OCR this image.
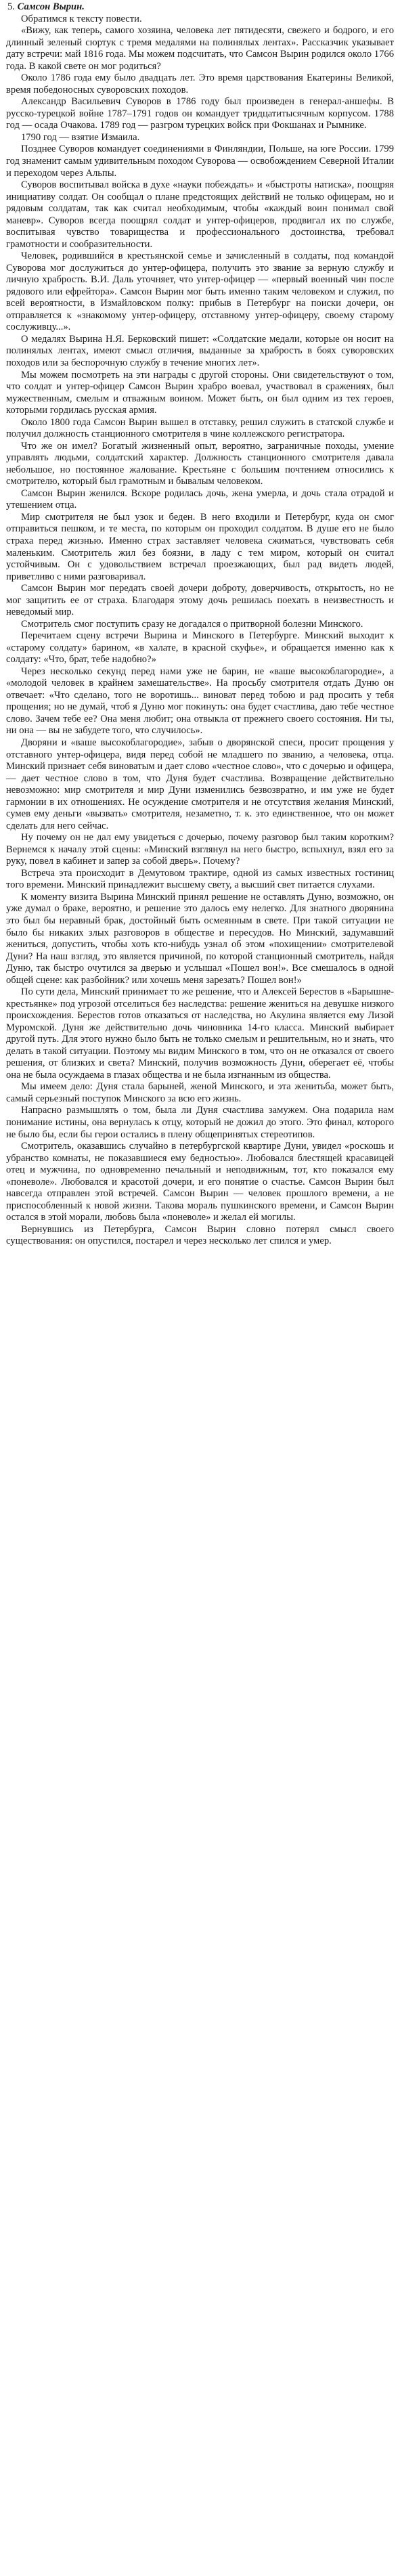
5. Самсон Вырин.

Обратимся к тексту повести.

«Вижу, как теперь, самого хозяина, человека лет пятидесяти, свежего и бодрого, и его длинный зеленый сюртук с тремя медалями на полинялых лентах». Рассказчик указывает дату встречи: май 1816 года. Мы можем подсчитать, что Самсон Вырин родился около 1766 года. В какой свете он мог родиться?

Около 1786 года ему было двадцать лет. Это время царствования Екатерины Великой, время победоносных суворовских походов.

Александр Васильевич Суворов в 1786 году был произведен в генерал-аншефы. В русско-турецкой войне 1787–1791 годов он командует тридцатитысячным корпусом. 1788 год — осада Очакова. 1789 год — разгром турецких войск при Фокшанах и Рымнике.

1790 год — взятие Измаила.

Позднее Суворов командует соединениями в Финляндии, Польше, на юге России. 1799 год знаменит самым удивительным походом Суворова — освобождением Северной Италии и переходом через Альпы.

Суворов воспитывал войска в духе «науки побеждать» и «быстроты натиска», поощряя инициативу солдат. Он сообщал о плане предстоящих действий не только офицерам, но и рядовым солдатам, так как считал необходимым, чтобы «каждый воин понимал свой маневр». Суворов всегда поощрял солдат и унтер-офицеров, продвигал их по службе, воспитывая чувство товарищества и профессионального достоинства, требовал грамотности и сообразительности.

Человек, родившийся в крестьянской семье и зачисленный в солдаты, под командой Суворова мог дослужиться до унтер-офицера, получить это звание за верную службу и личную храбрость. В.И. Даль уточняет, что унтер-офицер — «первый военный чин после рядового или ефрейтора». Самсон Вырин мог быть именно таким человеком и служил, по всей вероятности, в Измайловском полку: прибыв в Петербург на поиски дочери, он отправляется к «знакомому унтер-офицеру, отставному унтер-офицеру, своему старому сослуживцу...».

О медалях Вырина Н.Я. Берковский пишет: «Солдатские медали, которые он носит на полинялых лентах, имеют смысл отличия, выданные за храбрость в боях суворовских походов или за беспорочную службу в течение многих лет».

Мы можем посмотреть на эти награды с другой стороны. Они свидетельствуют о том, что солдат и унтер-офицер Самсон Вырин храбро воевал, участвовал в сражениях, был мужественным, смелым и отважным воином. Может быть, он был одним из тех героев, которыми гордилась русская армия.

Около 1800 года Самсон Вырин вышел в отставку, решил служить в статской службе и получил должность станционного смотрителя в чине коллежского регистратора.

Что же он имел? Богатый жизненный опыт, вероятно, заграничные походы, умение управлять людьми, солдатский характер. Должность станционного смотрителя давала небольшое, но постоянное жалование. Крестьяне с большим почтением относились к смотрителю, который был грамотным и бывалым человеком.

Самсон Вырин женился. Вскоре родилась дочь, жена умерла, и дочь стала отрадой и утешением отца.

Мир смотрителя не был узок и беден. В него входили и Петербург, куда он смог отправиться пешком, и те места, по которым он проходил солдатом. В душе его не было страха перед жизнью. Именно страх заставляет человека сжиматься, чувствовать себя маленьким. Смотритель жил без боязни, в ладу с тем миром, который он считал устойчивым. Он с удовольствием встречал проезжающих, был рад видеть людей, приветливо с ними разговаривал.

Самсон Вырин мог передать своей дочери доброту, доверчивость, открытость, но не мог защитить ее от страха. Благодаря этому дочь решилась поехать в неизвестность и неведомый мир.

Смотритель смог поступить сразу не догадался о притворной болезни Минского.

Перечитаем сцену встречи Вырина и Минского в Петербурге. Минский выходит к «старому солдату» барином, «в халате, в красной скуфье», и обращается именно как к солдату: «Что, брат, тебе надобно?»

Через несколько секунд перед нами уже не барин, не «ваше высокоблагородие», а «молодой человек в крайнем замешательстве». На просьбу смотрителя отдать Дуню он отвечает: «Что сделано, того не воротишь... виноват перед тобою и рад просить у тебя прощения; но не думай, чтоб я Дуню мог покинуть: она будет счастлива, даю тебе честное слово. Зачем тебе ее? Она меня любит; она отвыкла от прежнего своего состояния. Ни ты, ни она — вы не забудете того, что случилось».

Дворяни и «ваше высокоблагородие», забыв о дворянской спеси, просит прощения у отставного унтер-офицера, видя перед собой не младшего по званию, а человека, отца. Минский признает себя виноватым и дает слово «честное слово», что с дочерью и офицера, — дает честное слово в том, что Дуня будет счастлива. Возвращение действительно невозможно: мир смотрителя и мир Дуни изменились безвозвратно, и им уже не будет гармонии в их отношениях. Не осуждение смотрителя и не отсутствия желания Минский, сумев ему деньги «вызвать» смотрителя, незаметно, т. к. это единственное, что он может сделать для него сейчас.

Ну почему он не дал ему увидеться с дочерью, почему разговор был таким коротким? Вернемся к началу этой сцены: «Минский взглянул на него быстро, вспыхнул, взял его за руку, повел в кабинет и запер за собой дверь». Почему?

Встреча эта происходит в Демутовом трактире, одной из самых известных гостиниц того времени. Минский принадлежит высшему свету, а высший свет питается слухами.

К моменту визита Вырина Минский принял решение не оставлять Дуню, возможно, он уже думал о браке, вероятно, и решение это далось ему нелегко. Для знатного дворянина это был бы неравный брак, достойный быть осмеянным в свете. При такой ситуации не было бы никаких злых разговоров в обществе и пересудов. Но Минский, задумавший жениться, допустить, чтобы хоть кто-нибудь узнал об этом «похищении» смотрителевой Дуни? На наш взгляд, это является причиной, по которой станционный смотритель, найдя Дуню, так быстро очутился за дверью и услышал «Пошел вон!». Все смешалось в одной общей сцене: как разбойник? или хочешь меня зарезать? Пошел вон!»

По сути дела, Минский принимает то же решение, что и Алексей Берестов в «Барышне-крестьянке» под угрозой отселиться без наследства: решение жениться на девушке низкого происхождения. Берестов готов отказаться от наследства, но Акулина является ему Лизой Муромской. Дуня же действительно дочь чиновника 14-го класса. Минский выбирает другой путь. Для этого нужно было быть не только смелым и решительным, но и знать, что делать в такой ситуации. Поэтому мы видим Минского в том, что он не отказался от своего решения, от близких и света? Минский, получив возможность Дуни, оберегает её, чтобы она не была осуждаема в глазах общества и не была изгнанным из общества.

Мы имеем дело: Дуня стала барыней, женой Минского, и эта женитьба, может быть, самый серьезный поступок Минского за всю его жизнь.

Напрасно размышлять о том, была ли Дуня счастлива замужем. Она подарила нам понимание истины, она вернулась к отцу, который не дожил до этого. Это финал, которого не было бы, если бы герои остались в плену общепринятых стереотипов.

Смотритель, оказавшись случайно в петербургской квартире Дуни, увидел «роскошь и убранство комнаты, не показавшиеся ему бедностью». Любовался блестящей красавицей отец и мужчина, по одновременно печальный и неподвижным, тот, кто показался ему «поневоле». Любовался и красотой дочери, и его понятие о счастье. Самсон Вырин был навсегда отправлен этой встречей. Самсон Вырин — человек прошлого времени, а не приспособленный к новой жизни. Такова мораль пушкинского времени, и Самсон Вырин остался в этой морали, любовь была «поневоле» и желал ей могилы.

Вернувшись из Петербурга, Самсон Вырин словно потерял смысл своего существования: он опустился, постарел и через несколько лет спился и умер.
